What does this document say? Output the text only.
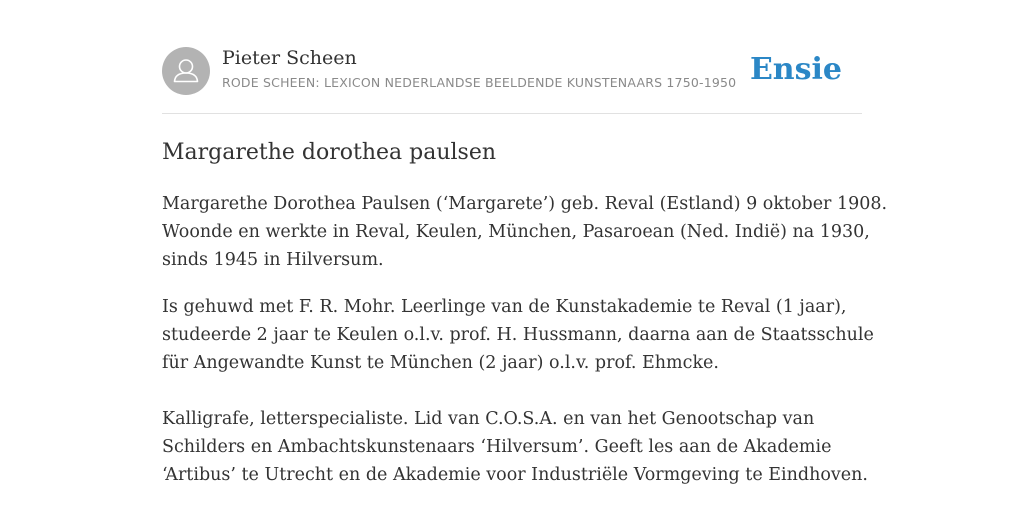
Pieter Scheen
RODE SCHEEN: LEXICON NEDERLANDSE BEELDENDE KUNSTENAARS 1750-1950 Ensie
Margarethe dorothea paulsen

Margarethe Dorothea Paulsen (‘Margarete’) geb. Reval (Estland) 9 oktober 1908.
Woonde en werkte in Reval, Keulen, München, Pasaroean (Ned. Indië) na 1930,
sinds 1945 in Hilversum.

Is gehuwd met F. R. Mohr. Leerlinge van de Kunstakademie te Reval (1 jaar),
studeerde 2 jaar te Keulen o.l.v. prof. H. Hussmann, daarna aan de Staatsschule
für Angewandte Kunst te München (2 jaar) o.l.v. prof. Ehmcke.

Kalligrafe, letterspecialiste. Lid van C.O.S.A. en van het Genootschap van
Schilders en Ambachtskunstenaars ‘Hilversum’. Geeft les aan de Akademie
‘Artibus’ te Utrecht en de Akademie voor Industriële Vormgeving te Eindhoven.
